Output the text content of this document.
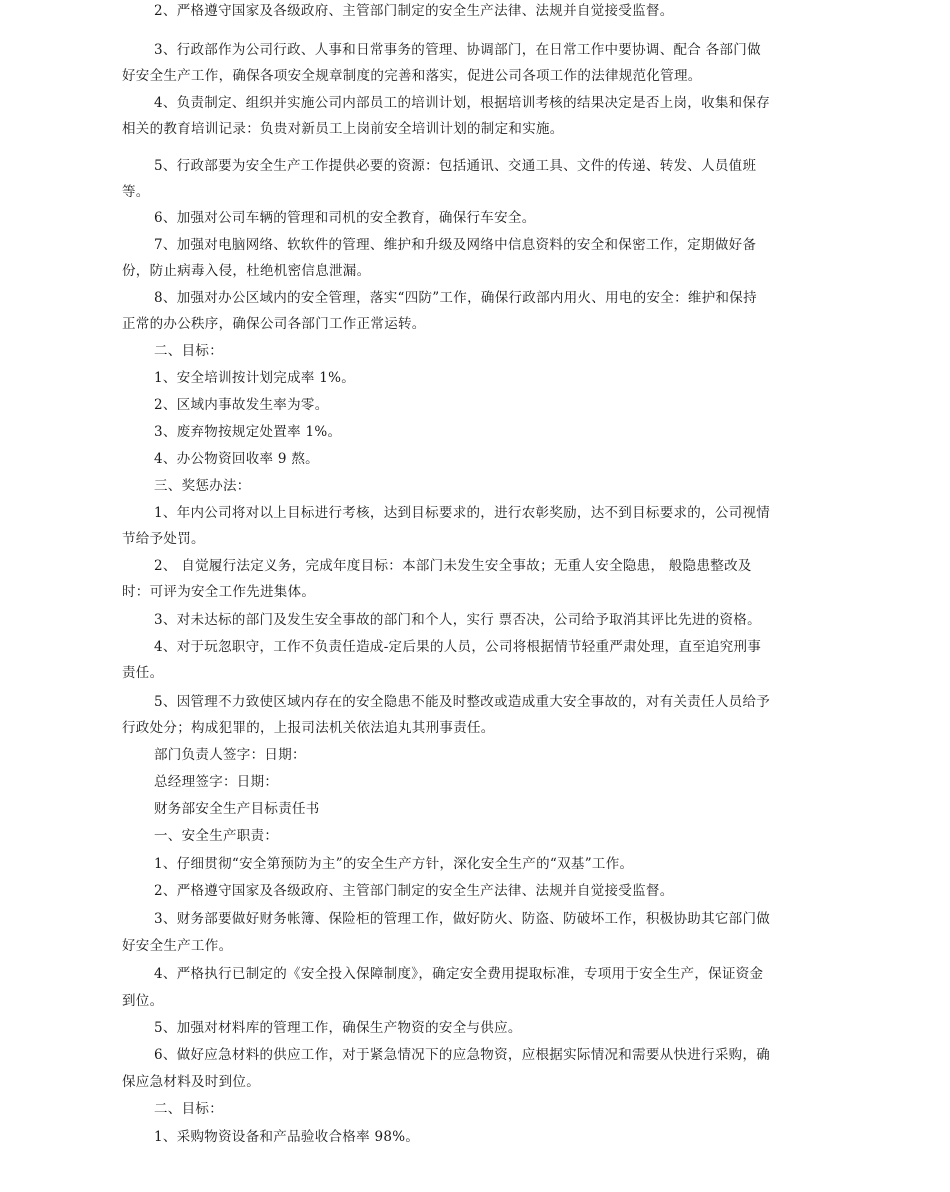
2、严格遵守国家及各级政府、主管部门制定的安全生产法律、法规并自觉接受监督。
3、行政部作为公司行政、人事和日常事务的管理、协调部门，在日常工作中要协调、配合 各部门做
好安全生产工作，确保各项安全规章制度的完善和落实，促进公司各项工作的法律规范化管理。
4、负责制定、组织并实施公司内部员工的培训计划，根据培训考核的结果决定是否上岗，收集和保存
相关的教育培训记录：负贵对新员工上岗前安全培训计划的制定和实施。
5、行政部要为安全生产工作提供必要的资源：包括通讯、交通工具、文件的传递、转发、人员值班
等。
6、加强对公司车辆的管理和司机的安全教育，确保行车安全。
7、加强对电脑网络、软软件的管理、维护和升级及网络中信息资料的安全和保密工作，定期做好备
份，防止病毒入侵，杜绝机密信息泄漏。
8、加强对办公区域内的安全管理，落实“四防”工作，确保行政部内用火、用电的安全：维护和保持
正常的办公秩序，确保公司各部门工作正常运转。
二、目标：
1、安全培训按计划完成率 1%。
2、区域内事故发生率为零。
3、废弃物按规定处置率 1%。
4、办公物资回收率 9 熬。
三、奖惩办法：
1、年内公司将对以上目标进行考核，达到目标要求的，进行农彰奖励，达不到目标要求的，公司视情
节给予处罚。
2、 自觉履行法定义务，完成年度目标：本部门未发生安全事故；无重人安全隐患， 般隐患整改及
时：可评为安全工作先进集体。
3、对未达标的部门及发生安全事故的部门和个人，实行 票否决，公司给予取消其评比先进的资格。
4、对于玩忽职守，工作不负责任造成-定后果的人员，公司将根据情节轻重严肃处理，直至追究刑事
责任。
5、因管理不力致使区域内存在的安全隐患不能及时整改或造成重大安全事故的，对有关责任人员给予
行政处分；构成犯罪的，上报司法机关依法追丸其刑事责任。
部门负责人签字：日期：
总经理签字：日期：
财务部安全生产目标责任书
一、安全生产职责：
1、仔细贯彻“安全第预防为主”的安全生产方针，深化安全生产的“双基”工作。
2、严格遵守国家及各级政府、主管部门制定的安全生产法律、法规并自觉接受监督。
3、财务部要做好财务帐簿、保险柜的管理工作，做好防火、防盗、防破坏工作，积极协助其它部门做
好安全生产工作。
4、严格执行已制定的《安全投入保障制度》，确定安全费用提取标准，专项用于安全生产，保证资金
到位。
5、加强对材料库的管理工作，确保生产物资的安全与供应。
6、做好应急材料的供应工作，对于紧急情况下的应急物资，应根据实际情况和需要从快进行采购，确
保应急材料及时到位。
二、目标：
1、采购物资设备和产品验收合格率 98%。
